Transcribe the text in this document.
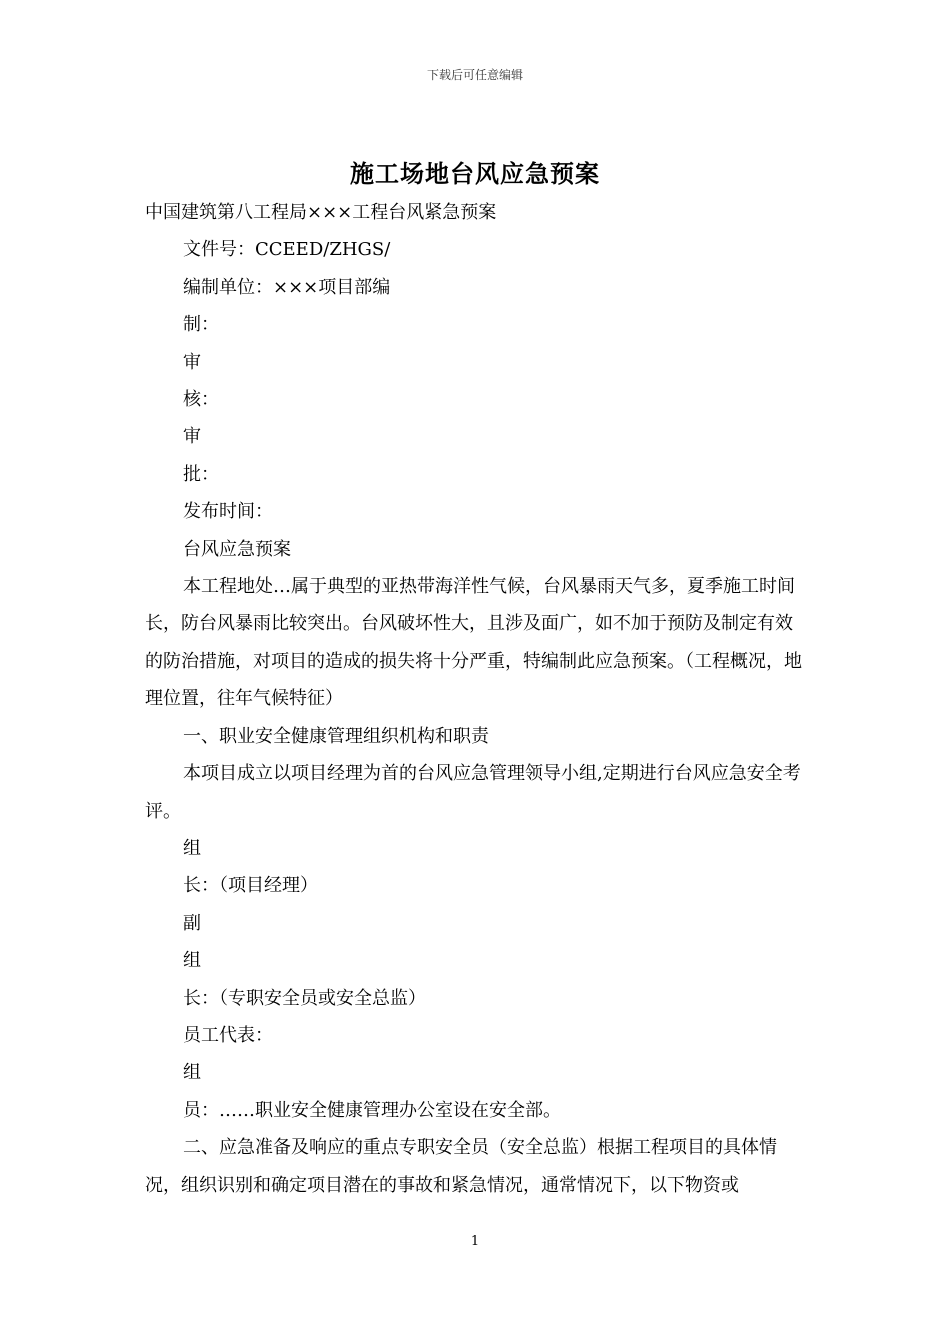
下载后可任意编辑
施工场地台风应急预案

中国建筑第八工程局×××工程台风紧急预案

文件号：CCEED/ZHGS/

编制单位：×××项目部编

制：

审

核：

审

批：

发布时间：

台风应急预案

本工程地处…属于典型的亚热带海洋性气候，台风暴雨天气多，夏季施工时间长，防台风暴雨比较突出。台风破坏性大，且涉及面广，如不加于预防及制定有效的防治措施，对项目的造成的损失将十分严重，特编制此应急预案。（工程概况，地理位置，往年气候特征）

一、职业安全健康管理组织机构和职责

本项目成立以项目经理为首的台风应急管理领导小组,定期进行台风应急安全考评。

组

长：（项目经理）

副

组

长：（专职安全员或安全总监）

员工代表：

组

员：……职业安全健康管理办公室设在安全部。

二、应急准备及响应的重点专职安全员（安全总监）根据工程项目的具体情况，组织识别和确定项目潜在的事故和紧急情况，通常情况下，以下物资或

1
